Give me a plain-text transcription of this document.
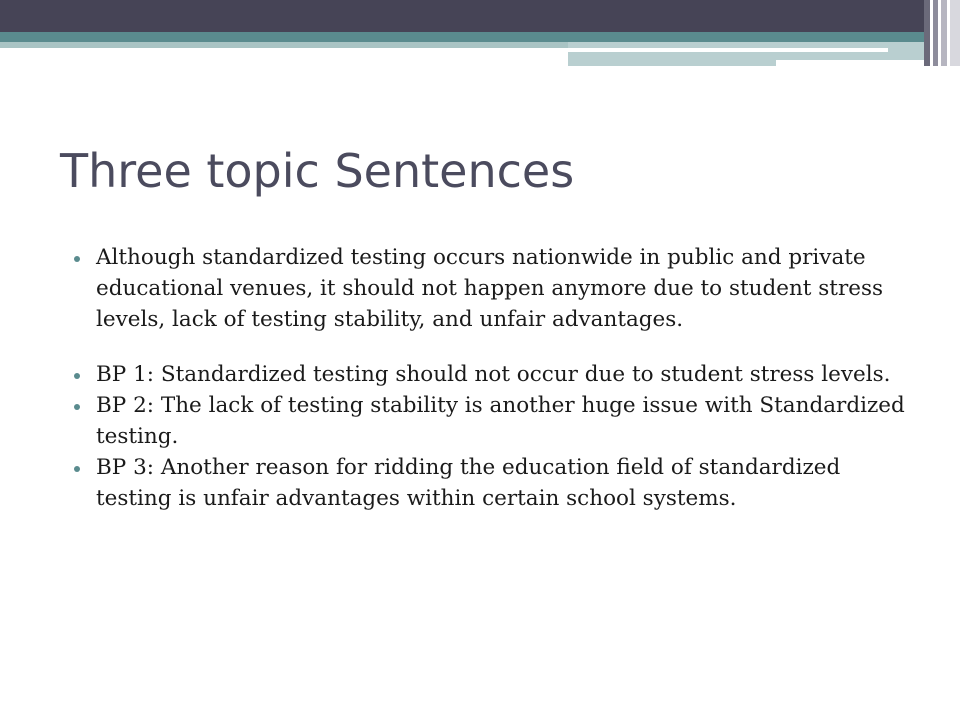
Three topic Sentences
Although standardized testing occurs nationwide in public and private educational venues, it should not happen anymore due to student stress levels, lack of testing stability, and unfair advantages.
BP 1: Standardized testing should not occur due to student stress levels.
BP 2: The lack of testing stability is another huge issue with Standardized testing.
BP 3: Another reason for ridding the education field of standardized testing is unfair advantages within certain school systems.
